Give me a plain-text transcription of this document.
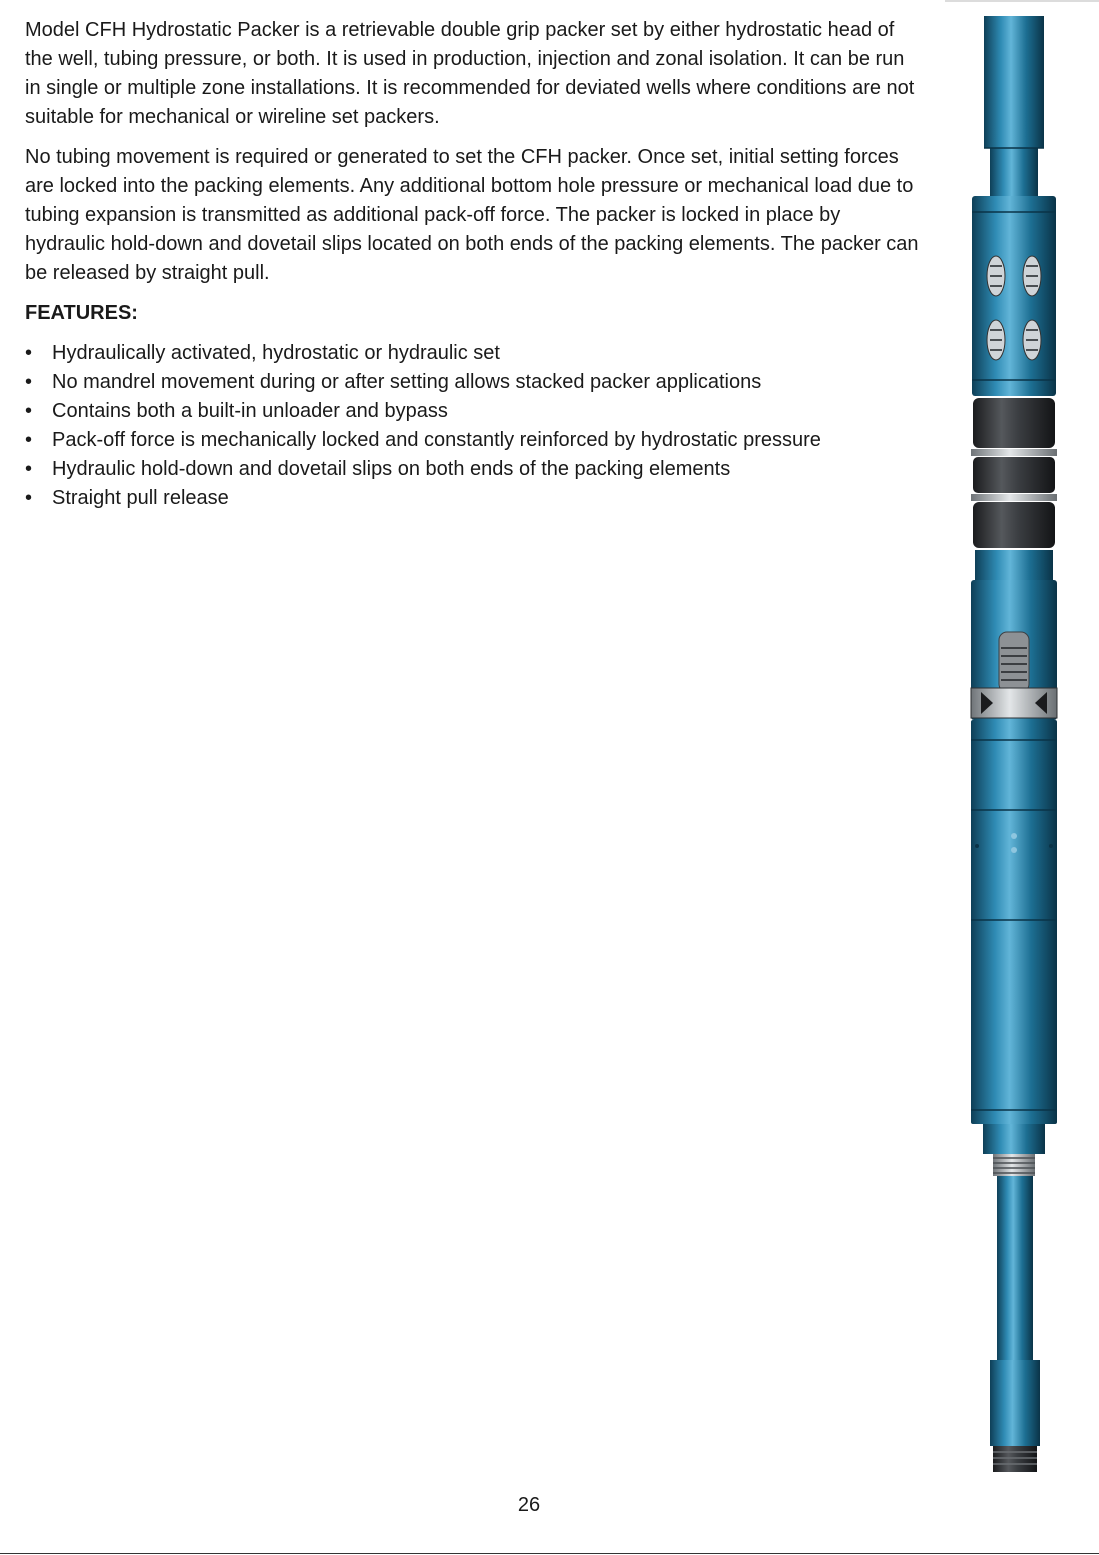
Model CFH Hydrostatic Packer is a retrievable double grip packer set by either hydrostatic head of the well, tubing pressure, or both. It is used in production, injection and zonal isolation. It can be run in single or multiple zone installations. It is recommended for deviated wells where conditions are not suitable for mechanical or wireline set packers.

No tubing movement is required or generated to set the CFH packer. Once set, initial setting forces are locked into the packing elements. Any additional bottom hole pressure or mechanical load due to tubing expansion is transmitted as additional pack-off force. The packer is locked in place by hydraulic hold-down and dovetail slips located on both ends of the packing elements. The packer can be released by straight pull.

FEATURES:

• Hydraulically activated, hydrostatic or hydraulic set
• No mandrel movement during or after setting allows stacked packer applications
• Contains both a built-in unloader and bypass
• Pack-off force is mechanically locked and constantly reinforced by hydrostatic pressure
• Hydraulic hold-down and dovetail slips on both ends of the packing elements
• Straight pull release
26
